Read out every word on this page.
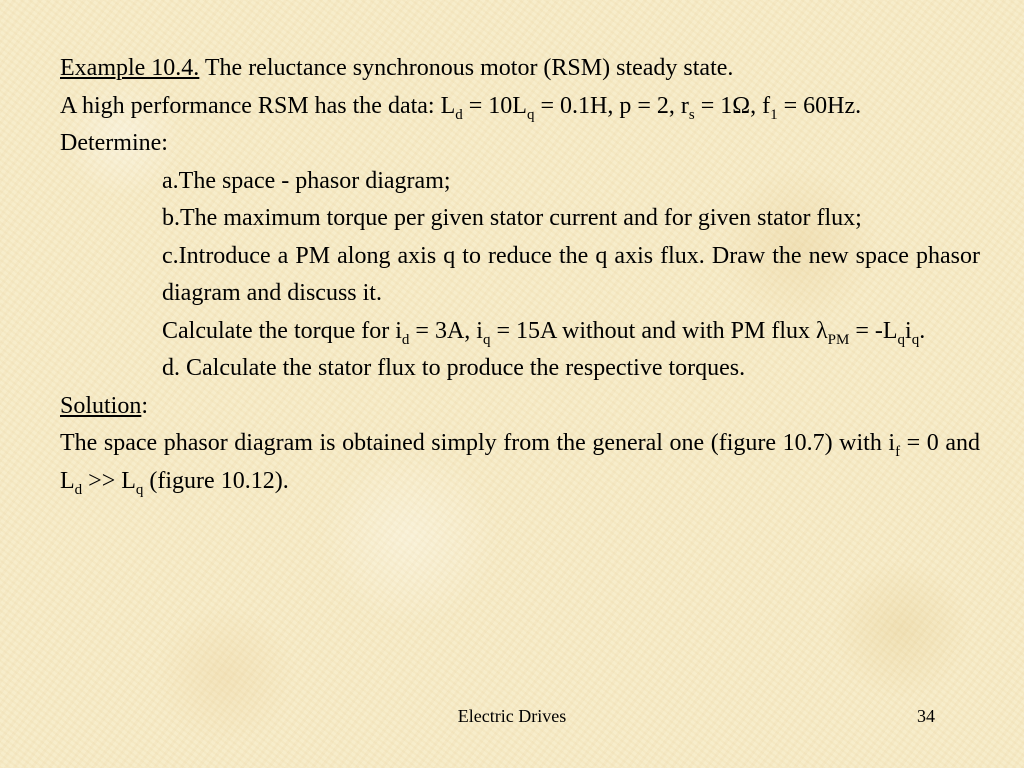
Example 10.4. The reluctance synchronous motor (RSM) steady state.

A high performance RSM has the data: $L_d = 10L_q = 0.1H$, p = 2, $r_s = 1\Omega$, $f_1 = 60Hz$.

Determine:

a.The space - phasor diagram;

b.The maximum torque per given stator current and for given stator flux;

c.Introduce a PM along axis q to reduce the q axis flux. Draw the new space phasor diagram and discuss it.

Calculate the torque for $i_d = 3A$, $i_q = 15A$ without and with PM flux $\lambda_{PM} = -L_qi_q$.

d. Calculate the stator flux to produce the respective torques.

Solution:

The space phasor diagram is obtained simply from the general one (figure 10.7) with $i_f = 0$ and $L_d >> L_q$ (figure 10.12).

Electric Drives	34
